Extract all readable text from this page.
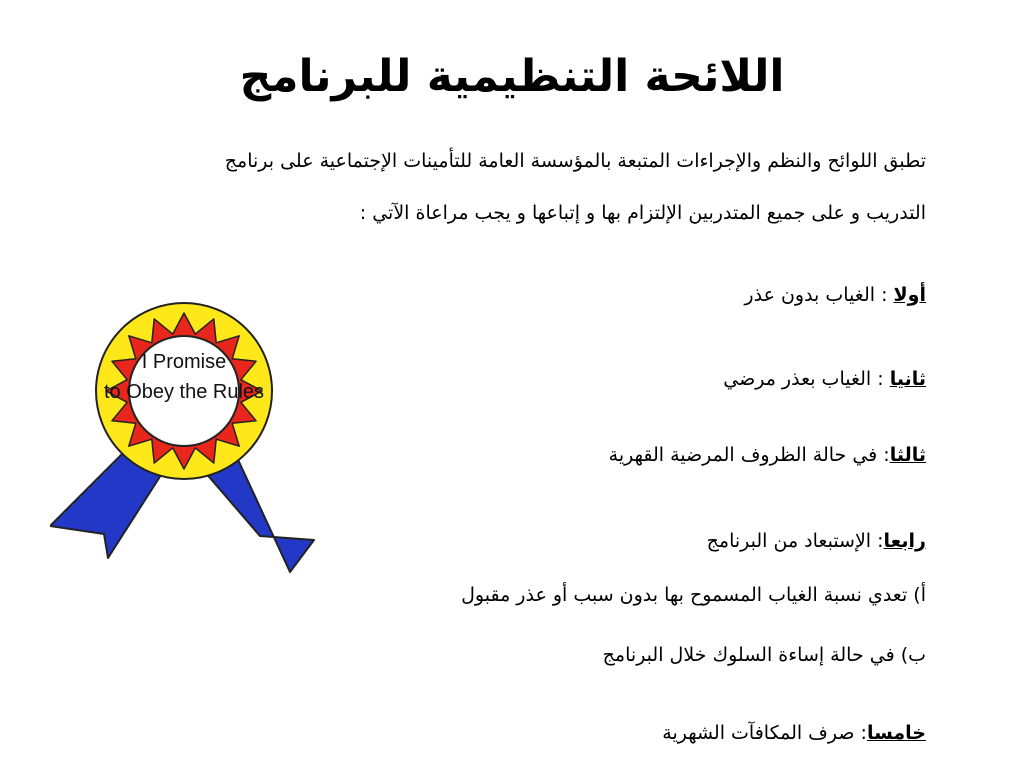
اللائحة التنظيمية للبرنامج
تطبق اللوائح والنظم والإجراءات المتبعة بالمؤسسة العامة للتأمينات الإجتماعية على برنامج
التدريب و على جميع المتدربين الإلتزام بها و إتباعها و يجب مراعاة الآتي :
أولا : الغياب بدون عذر
ثانيا : الغياب بعذر مرضي
ثالثا: في حالة الظروف المرضية القهرية
رابعا: الإستبعاد من البرنامج
أ) تعدي نسبة الغياب المسموح بها بدون سبب أو عذر مقبول
ب) في حالة إساءة السلوك خلال البرنامج
خامسا: صرف المكافآت الشهرية
I Promise
to Obey the Rules
